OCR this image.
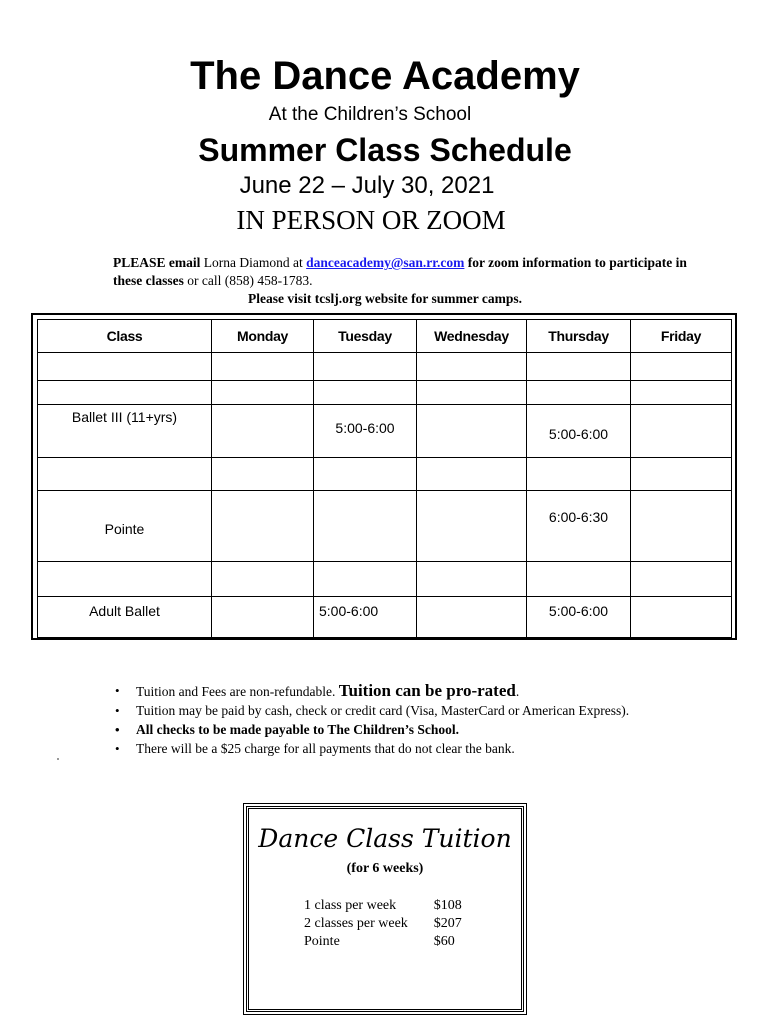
The Dance Academy
At the Children’s School
Summer Class Schedule
June 22 – July 30, 2021
IN PERSON OR ZOOM
PLEASE email Lorna Diamond at danceacademy@san.rr.com for zoom information to participate in these classes or call (858) 458-1783.
Please visit tcslj.org website for summer camps.
Class	Monday	Tuesday	Wednesday	Thursday	Friday

Ballet III (11+yrs)		5:00-6:00		5:00-6:00	

Pointe				6:00-6:30	

Adult Ballet		5:00-6:00		5:00-6:00	
• Tuition and Fees are non-refundable. Tuition can be pro-rated.
• Tuition may be paid by cash, check or credit card (Visa, MasterCard or American Express).
• All checks to be made payable to The Children’s School.
• There will be a $25 charge for all payments that do not clear the bank.
Dance Class Tuition
(for 6 weeks)
1 class per week	$108
2 classes per week	$207
Pointe	$60
